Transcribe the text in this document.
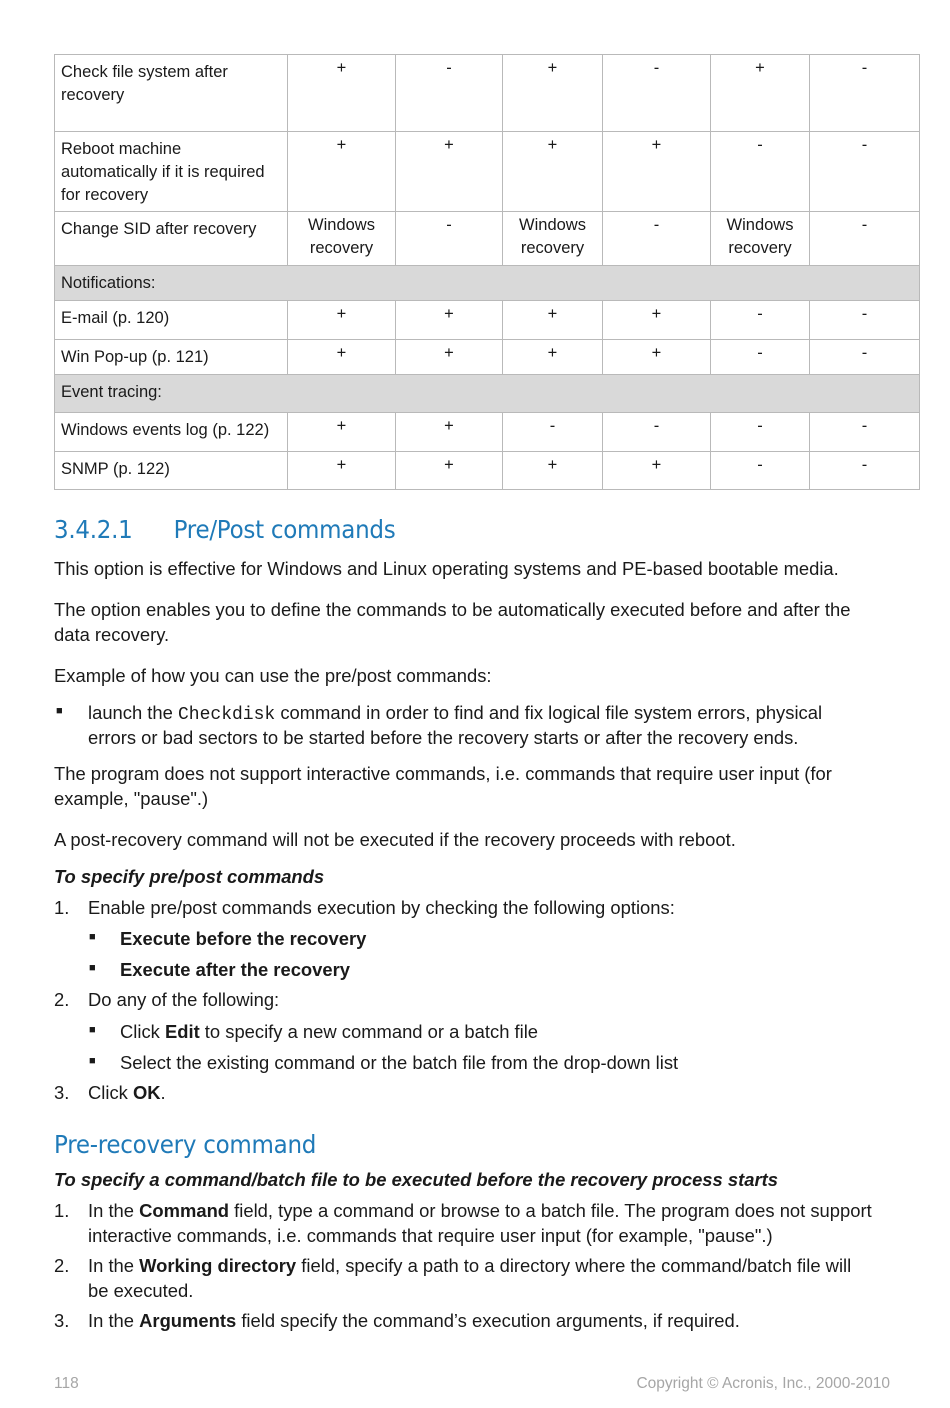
Check file system after recovery	+	-	+	-	+	-
Reboot machine automatically if it is required for recovery	+	+	+	+	-	-
Change SID after recovery	Windows recovery	-	Windows recovery	-	Windows recovery	-
Notifications:						
E-mail (p. 120)	+	+	+	+	-	-
Win Pop-up (p. 121)	+	+	+	+	-	-
Event tracing:						
Windows events log (p. 122)	+	+	-	-	-	-
SNMP (p. 122)	+	+	+	+	-	-
3.4.2.1 Pre/Post commands

This option is effective for Windows and Linux operating systems and PE-based bootable media.

The option enables you to define the commands to be automatically executed before and after the

data recovery.

Example of how you can use the pre/post commands:

■ launch the Checkdisk command in order to find and fix logical file system errors, physical

errors or bad sectors to be started before the recovery starts or after the recovery ends.

The program does not support interactive commands, i.e. commands that require user input (for

example, "pause".)

A post-recovery command will not be executed if the recovery proceeds with reboot.

To specify pre/post commands

1. Enable pre/post commands execution by checking the following options:

■ Execute before the recovery

■ Execute after the recovery

2. Do any of the following:

■ Click Edit to specify a new command or a batch file

■ Select the existing command or the batch file from the drop-down list

3. Click OK.

Pre-recovery command

To specify a command/batch file to be executed before the recovery process starts

1. In the Command field, type a command or browse to a batch file. The program does not support

interactive commands, i.e. commands that require user input (for example, "pause".)

2. In the Working directory field, specify a path to a directory where the command/batch file will

be executed.

3. In the Arguments field specify the command’s execution arguments, if required.

118	Copyright © Acronis, Inc., 2000-2010
